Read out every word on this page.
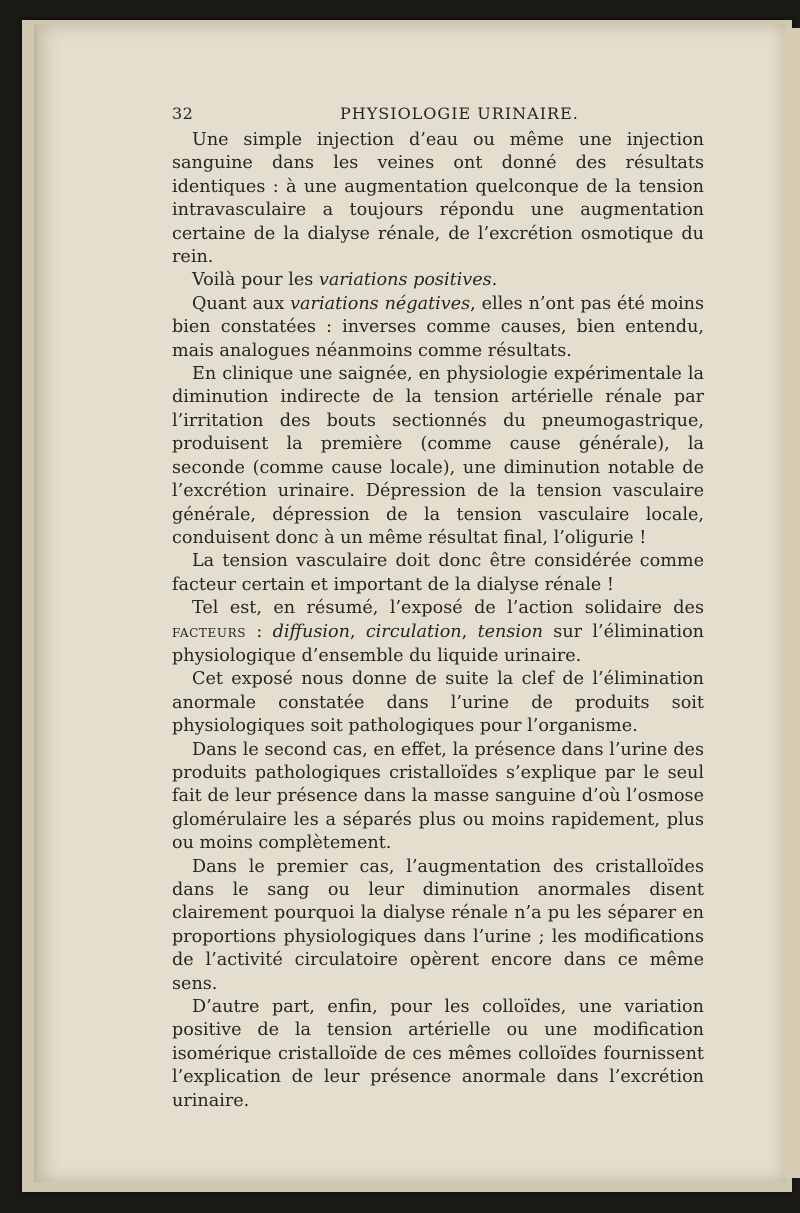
32	PHYSIOLOGIE URINAIRE.

Une simple injection d’eau ou même une injection sanguine dans les veines ont donné des résultats identiques : à une augmentation quelconque de la tension intravasculaire a toujours répondu une augmentation certaine de la dialyse rénale, de l’excrétion osmotique du rein.

Voilà pour les variations positives.

Quant aux variations négatives, elles n’ont pas été moins bien constatées : inverses comme causes, bien entendu, mais analogues néanmoins comme résultats.

En clinique une saignée, en physiologie expérimentale la diminution indirecte de la tension artérielle rénale par l’irritation des bouts sectionnés du pneumogastrique, produisent la première (comme cause générale), la seconde (comme cause locale), une diminution notable de l’excrétion urinaire. Dépression de la tension vasculaire générale, dépression de la tension vasculaire locale, conduisent donc à un même résultat final, l’oligurie !

La tension vasculaire doit donc être considérée comme facteur certain et important de la dialyse rénale !

Tel est, en résumé, l’exposé de l’action solidaire des FACTEURS : diffusion, circulation, tension sur l’élimination physiologique d’ensemble du liquide urinaire.

Cet exposé nous donne de suite la clef de l’élimination anormale constatée dans l’urine de produits soit physiologiques soit pathologiques pour l’organisme.

Dans le second cas, en effet, la présence dans l’urine des produits pathologiques cristalloïdes s’explique par le seul fait de leur présence dans la masse sanguine d’où l’osmose glomérulaire les a séparés plus ou moins rapidement, plus ou moins complètement.

Dans le premier cas, l’augmentation des cristalloïdes dans le sang ou leur diminution anormales disent clairement pourquoi la dialyse rénale n’a pu les séparer en proportions physiologiques dans l’urine ; les modifications de l’activité circulatoire opèrent encore dans ce même sens.

D’autre part, enfin, pour les colloïdes, une variation positive de la tension artérielle ou une modification isomérique cristalloïde de ces mêmes colloïdes fournissent l’explication de leur présence anormale dans l’excrétion urinaire.
